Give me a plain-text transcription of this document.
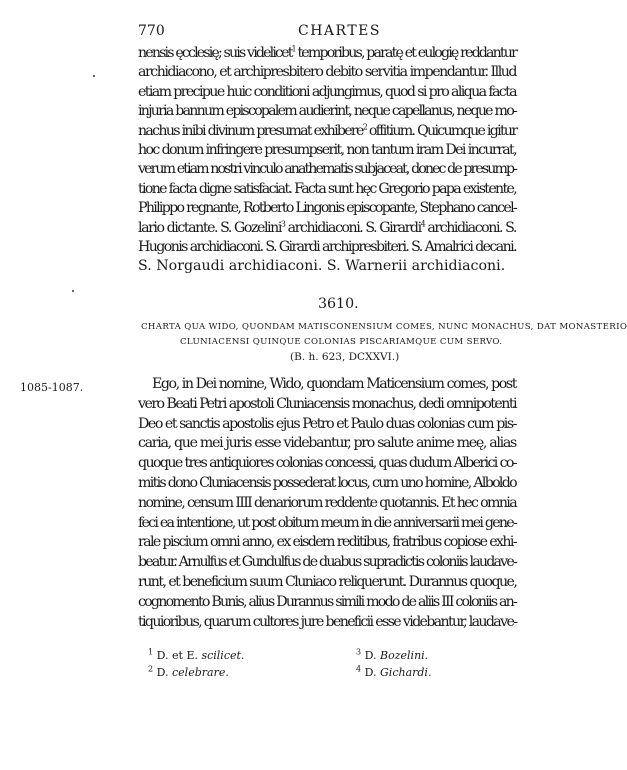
770	CHARTES
3610.
CHARTA QUA WIDO, QUONDAM MATISCONENSIUM COMES, NUNC MONACHUS, DAT MONASTERIO
CLUNIACENSI QUINQUE COLONIAS PISCARIAMQUE CUM SERVO.
(B. h. 623, DCXXVI.)
1085-1087.
nensis ęcclesię; suis videlicet$^1$ temporibus, paratę et eulogię reddantur
archidiacono, et archipresbitero debito servitia impendantur. Illud
etiam precipue huic conditioni adjungimus, quod si pro aliqua facta
injuria bannum episcopalem audierint, neque capellanus, neque mo-
nachus inibi divinum presumat exhibere$^2$ offitium. Quicumque igitur
hoc donum infringere presumpserit, non tantum iram Dei incurrat,
verum etiam nostri vinculo anathematis subjaceat, donec de presump-
tione facta digne satisfaciat. Facta sunt hęc Gregorio papa existente,
Philippo regnante, Rotberto Lingonis episcopante, Stephano cancel-
lario dictante. S. Gozelini$^3$ archidiaconi. S. Girardi$^4$ archidiaconi. S.
Hugonis archidiaconi. S. Girardi archipresbiteri. S. Amalrici decani.
S. Norgaudi archidiaconi. S. Warnerii archidiaconi.
Ego, in Dei nomine, Wido, quondam Maticensium comes, post
vero Beati Petri apostoli Cluniacensis monachus, dedi omnipotenti
Deo et sanctis apostolis ejus Petro et Paulo duas colonias cum pis-
caria, que mei juris esse videbantur, pro salute anime meę, alias
quoque tres antiquiores colonias concessi, quas dudum Alberici co-
mitis dono Cluniacensis possederat locus, cum uno homine, Alboldo
nomine, censum IIII denariorum reddente quotannis. Et hec omnia
feci ea intentione, ut post obitum meum in die anniversarii mei gene-
rale piscium omni anno, ex eisdem reditibus, fratribus copiose exhi-
beatur. Arnulfus et Gundulfus de duabus supradictis coloniis laudave-
runt, et beneficium suum Cluniaco reliquerunt. Durannus quoque,
cognomento Bunis, alius Durannus simili modo de aliis III coloniis an-
tiquioribus, quarum cultores jure beneficii esse videbantur, laudave-
$^1$ D. et E. scilicet.
$^2$ D. celebrare.
$^3$ D. Bozelini.
$^4$ D. Gichardi.
